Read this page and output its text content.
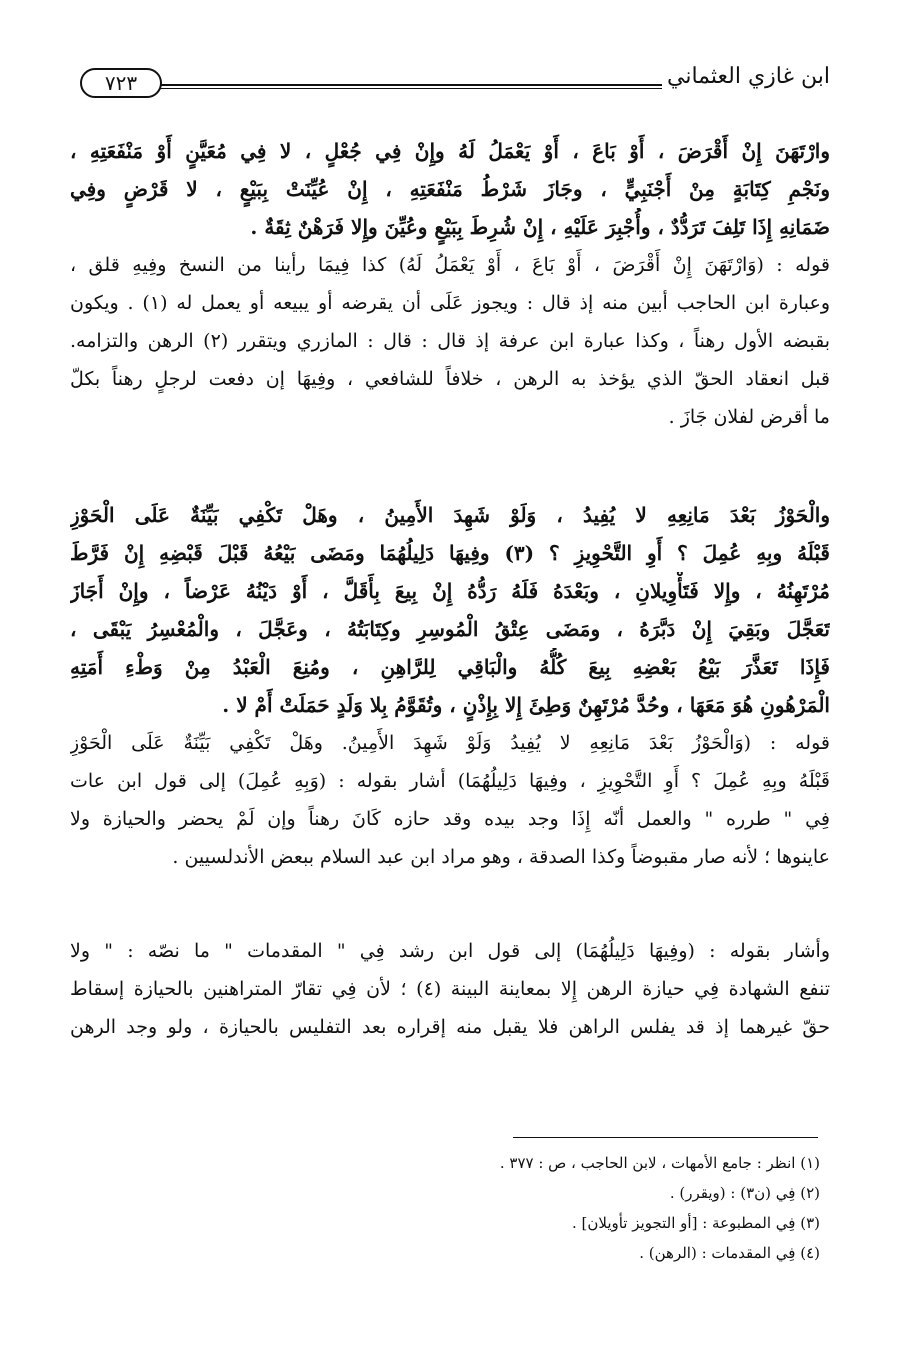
٧٢٣	ابن غازي العثماني
وارْتَهَنَ إِنْ أَقْرَضَ ، أَوْ بَاعَ ، أَوْ يَعْمَلُ لَهُ وإِنْ فِي جُعْلٍ ، لا فِي مُعَيَّنٍ أَوْ مَنْفَعَتِهِ ،
ونَجْمِ كِتَابَةٍ مِنْ أَجْنَبِيٍّ ، وجَازَ شَرْطُ مَنْفَعَتِهِ ، إِنْ عُيِّنَتْ بِبَيْعٍ ، لا قَرْضٍ وفِي
ضَمَانِهِ إِذَا تَلِفَ تَرَدُّدٌ ، وأُجْبِرَ عَلَيْهِ ، إِنْ شُرِطَ بِبَيْعٍ وعُيِّنَ وإِلا فَرَهْنٌ ثِقَةٌ .
قوله : (وَارْتَهَنَ إِنْ أَقْرَضَ ، أَوْ بَاعَ ، أَوْ يَعْمَلُ لَهُ) كذا فِيمَا رأينا من النسخ وفِيهِ قلق ،
وعبارة ابن الحاجب أبين منه إذ قال : ويجوز عَلَى أن يقرضه أو يبيعه أو يعمل له (١) . ويكون
بقبضه الأول رهناً ، وكذا عبارة ابن عرفة إذ قال : قال : المازري ويتقرر (٢) الرهن والتزامه.
قبل انعقاد الحقّ الذي يؤخذ به الرهن ، خلافاً للشافعي ، وفِيهَا إن دفعت لرجلٍ رهناً بكلّ
ما أقرض لفلان جَازَ .
والْحَوْزُ بَعْدَ مَانِعِهِ لا يُفِيدُ ، وَلَوْ شَهِدَ الأَمِينُ ، وهَلْ تَكْفِي بَيِّنَةٌ عَلَى الْحَوْزِ
قَبْلَهُ وبِهِ عُمِلَ ؟ أَوِ التَّحْوِيزِ ؟ (٣) وفِيهَا دَلِيلُهُمَا ومَضَى بَيْعُهُ قَبْلَ قَبْضِهِ إِنْ فَرَّطَ
مُرْتَهِنُهُ ، وإِلا فَتَأْوِيلانِ ، وبَعْدَهُ فَلَهُ رَدُّهُ إِنْ بِيعَ بِأَقَلَّ ، أَوْ دَيْنُهُ عَرْضاً ، وإِنْ أَجَازَ
تَعَجَّلَ وبَقِيَ إِنْ دَبَّرَهُ ، ومَضَى عِتْقُ الْمُوسِرِ وكِتَابَتُهُ ، وعَجَّلَ ، والْمُعْسِرُ يَبْقَى ،
فَإِذَا تَعَذَّرَ بَيْعُ بَعْضِهِ بِيعَ كُلُّهُ والْبَاقِي لِلرَّاهِنِ ، ومُنِعَ الْعَبْدُ مِنْ وَطْءِ أَمَتِهِ
الْمَرْهُونِ هُوَ مَعَهَا ، وحُدَّ مُرْتَهِنٌ وَطِئَ إِلا بِإِذْنٍ ، وتُقَوَّمُ بِلا وَلَدٍ حَمَلَتْ أَمْ لا .
قوله : (وَالْحَوْزُ بَعْدَ مَانِعِهِ لا يُفِيدُ وَلَوْ شَهِدَ الأَمِينُ. وهَلْ تَكْفِي بَيِّنَةٌ عَلَى الْحَوْزِ
قَبْلَهُ وبِهِ عُمِلَ ؟ أَوِ التَّحْوِيزِ ، وفِيهَا دَلِيلُهُمَا) أشار بقوله : (وَبِهِ عُمِلَ) إلى قول ابن عات
فِي " طرره " والعمل أنّه إِذَا وجد بيده وقد حازه كَانَ رهناً وإن لَمْ يحضر والحيازة ولا
عاينوها ؛ لأنه صار مقبوضاً وكذا الصدقة ، وهو مراد ابن عبد السلام ببعض الأندلسيين .
وأشار بقوله : (وفِيهَا دَلِيلُهُمَا) إلى قول ابن رشد فِي " المقدمات " ما نصّه : " ولا
تنفع الشهادة فِي حيازة الرهن إِلا بمعاينة البينة (٤) ؛ لأن فِي تقارّ المتراهنين بالحيازة إسقاط
حقّ غيرهما إذ قد يفلس الراهن فلا يقبل منه إقراره بعد التفليس بالحيازة ، ولو وجد الرهن
(١) انظر : جامع الأمهات ، لابن الحاجب ، ص : ٣٧٧ .
(٢) فِي (ن٣) : (ويقرر) .
(٣) فِي المطبوعة : [أو التجويز تأويلان] .
(٤) فِي المقدمات : (الرهن) .
